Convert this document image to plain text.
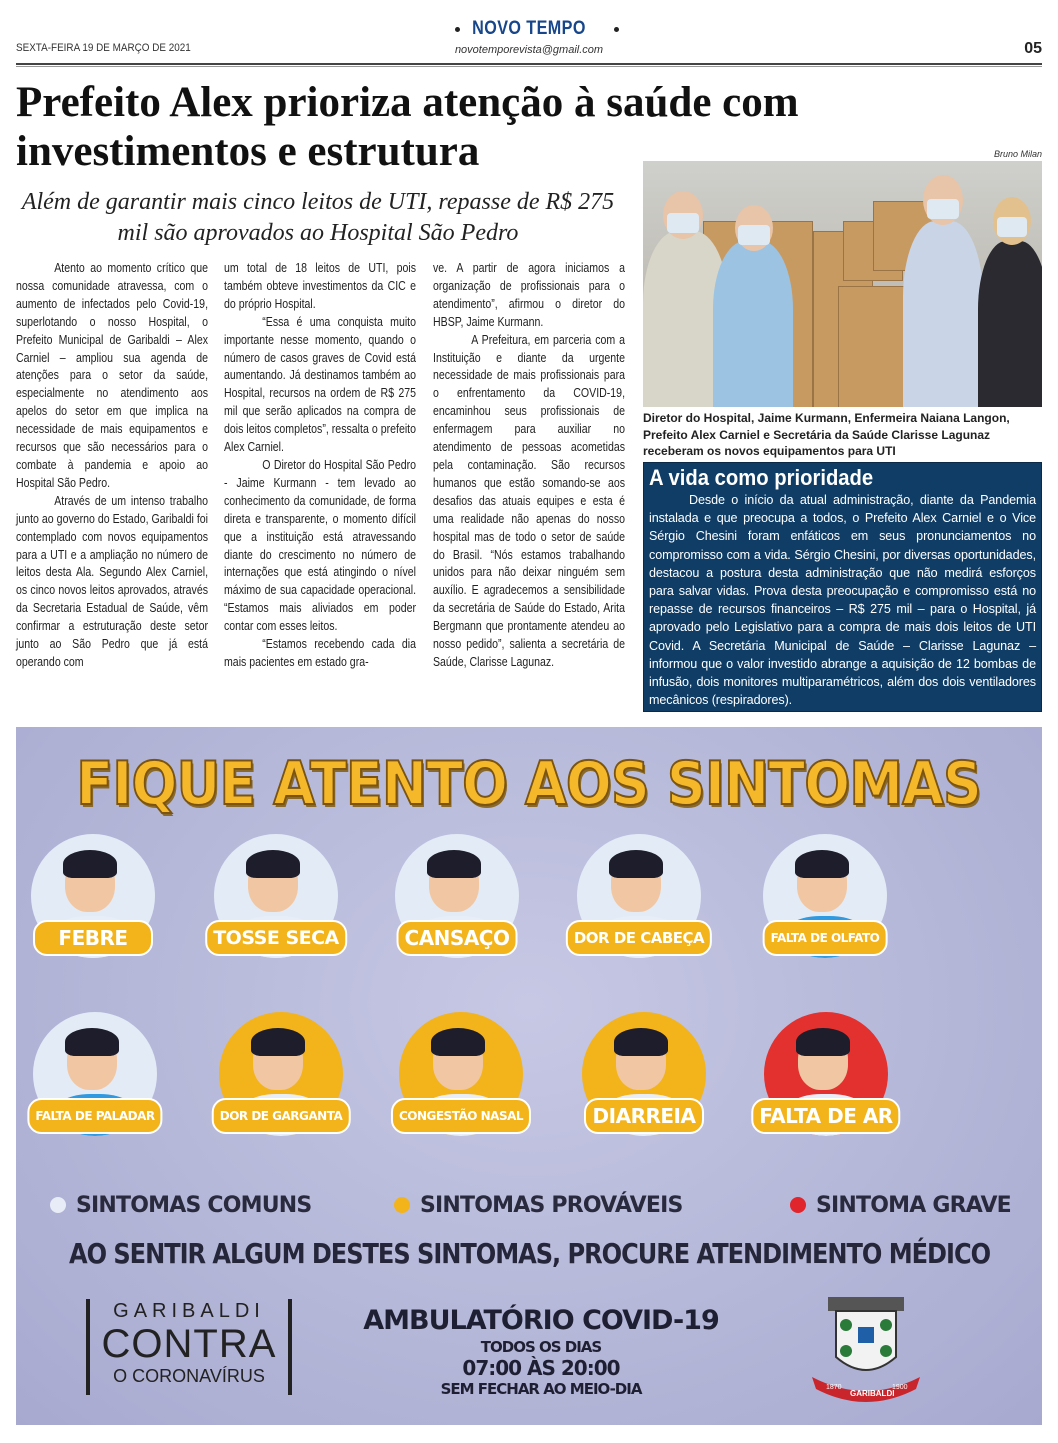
NOVO TEMPO
SEXTA-FEIRA 19 DE MARÇO DE 2021	novotemporevista@gmail.com	05
Prefeito Alex prioriza atenção à saúde com investimentos e estrutura
Além de garantir mais cinco leitos de UTI, repasse de R$ 275 mil são aprovados ao Hospital São Pedro

Atento ao momento crítico que nossa comunidade atravessa, com o aumento de infectados pelo Covid-19, superlotando o nosso Hospital, o Prefeito Municipal de Garibaldi – Alex Carniel – ampliou sua agenda de atenções para o setor da saúde, especialmente no atendimento aos apelos do setor em que implica na necessidade de mais equipamentos e recursos que são necessários para o combate à pandemia e apoio ao Hospital São Pedro.

Através de um intenso trabalho junto ao governo do Estado, Garibaldi foi contemplado com novos equipamentos para a UTI e a ampliação no número de leitos desta Ala. Segundo Alex Carniel, os cinco novos leitos aprovados, através da Secretaria Estadual de Saúde, vêm confirmar a estruturação deste setor junto ao São Pedro que já está operando com

um total de 18 leitos de UTI, pois também obteve investimentos da CIC e do próprio Hospital.

“Essa é uma conquista muito importante nesse momento, quando o número de casos graves de Covid está aumentando. Já destinamos também ao Hospital, recursos na ordem de R$ 275 mil que serão aplicados na compra de dois leitos completos”, ressalta o prefeito Alex Carniel.

O Diretor do Hospital São Pedro - Jaime Kurmann - tem levado ao conhecimento da comunidade, de forma direta e transparente, o momento difícil que a instituição está atravessando diante do crescimento no número de internações que está atingindo o nível máximo de sua capacidade operacional. “Estamos mais aliviados em poder contar com esses leitos.

“Estamos recebendo cada dia mais pacientes em estado gra-

ve. A partir de agora iniciamos a organização de profissionais para o atendimento”, afirmou o diretor do HBSP, Jaime Kurmann.

A Prefeitura, em parceria com a Instituição e diante da urgente necessidade de mais profissionais para o enfrentamento da COVID-19, encaminhou seus profissionais de enfermagem para auxiliar no atendimento de pessoas acometidas pela contaminação. São recursos humanos que estão somando-se aos desafios das atuais equipes e esta é uma realidade não apenas do nosso hospital mas de todo o setor de saúde do Brasil. “Nós estamos trabalhando unidos para não deixar ninguém sem auxílio. E agradecemos a sensibilidade da secretária de Saúde do Estado, Arita Bergmann que prontamente atendeu ao nosso pedido”, salienta a secretária de Saúde, Clarisse Lagunaz.

Bruno Milan
Diretor do Hospital, Jaime Kurmann, Enfermeira Naiana Langon, Prefeito Alex Carniel e Secretária da Saúde Clarisse Lagunaz receberam os novos equipamentos para UTI
A vida como prioridade

Desde o início da atual administração, diante da Pandemia instalada e que preocupa a todos, o Prefeito Alex Carniel e o Vice Sérgio Chesini foram enfáticos em seus pronunciamentos no compromisso com a vida. Sérgio Chesini, por diversas oportunidades, destacou a postura desta administração que não medirá esforços para salvar vidas. Prova desta preocupação e compromisso está no repasse de recursos financeiros – R$ 275 mil – para o Hospital, já aprovado pelo Legislativo para a compra de mais dois leitos de UTI Covid. A Secretária Municipal de Saúde – Clarisse Lagunaz – informou que o valor investido abrange a aquisição de 12 bombas de infusão, dois monitores multiparamétricos, além dos dois ventiladores mecânicos (respiradores).

FIQUE ATENTO AOS SINTOMAS
FEBRE	TOSSE SECA	CANSAÇO	DOR DE CABEÇA	FALTA DE OLFATO
FALTA DE PALADAR	DOR DE GARGANTA	CONGESTÃO NASAL	DIARREIA	FALTA DE AR
SINTOMAS COMUNS	SINTOMAS PROVÁVEIS	SINTOMA GRAVE
AO SENTIR ALGUM DESTES SINTOMAS, PROCURE ATENDIMENTO MÉDICO
GARIBALDI
CONTRA
O CORONAVÍRUS
AMBULATÓRIO COVID-19
TODOS OS DIAS
07:00 ÀS 20:00
SEM FECHAR AO MEIO-DIA	1870
GARIBALDI
1900
